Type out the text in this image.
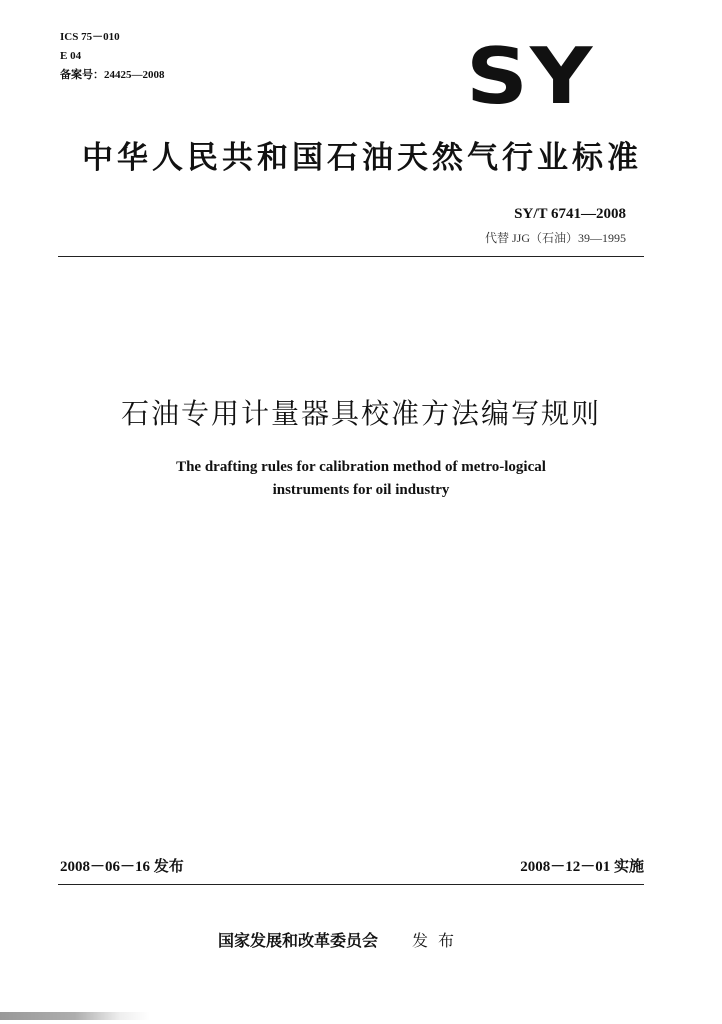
ICS 75－010
E 04
备案号：24425—2008	SY
中华人民共和国石油天然气行业标准
SY/T 6741—2008
代替 JJG（石油）39—1995
石油专用计量器具校准方法编写规则
The drafting rules for calibration method of metro-logical
instruments for oil industry
2008－06－16 发布	2008－12－01 实施
国家发展和改革委员会 发布
